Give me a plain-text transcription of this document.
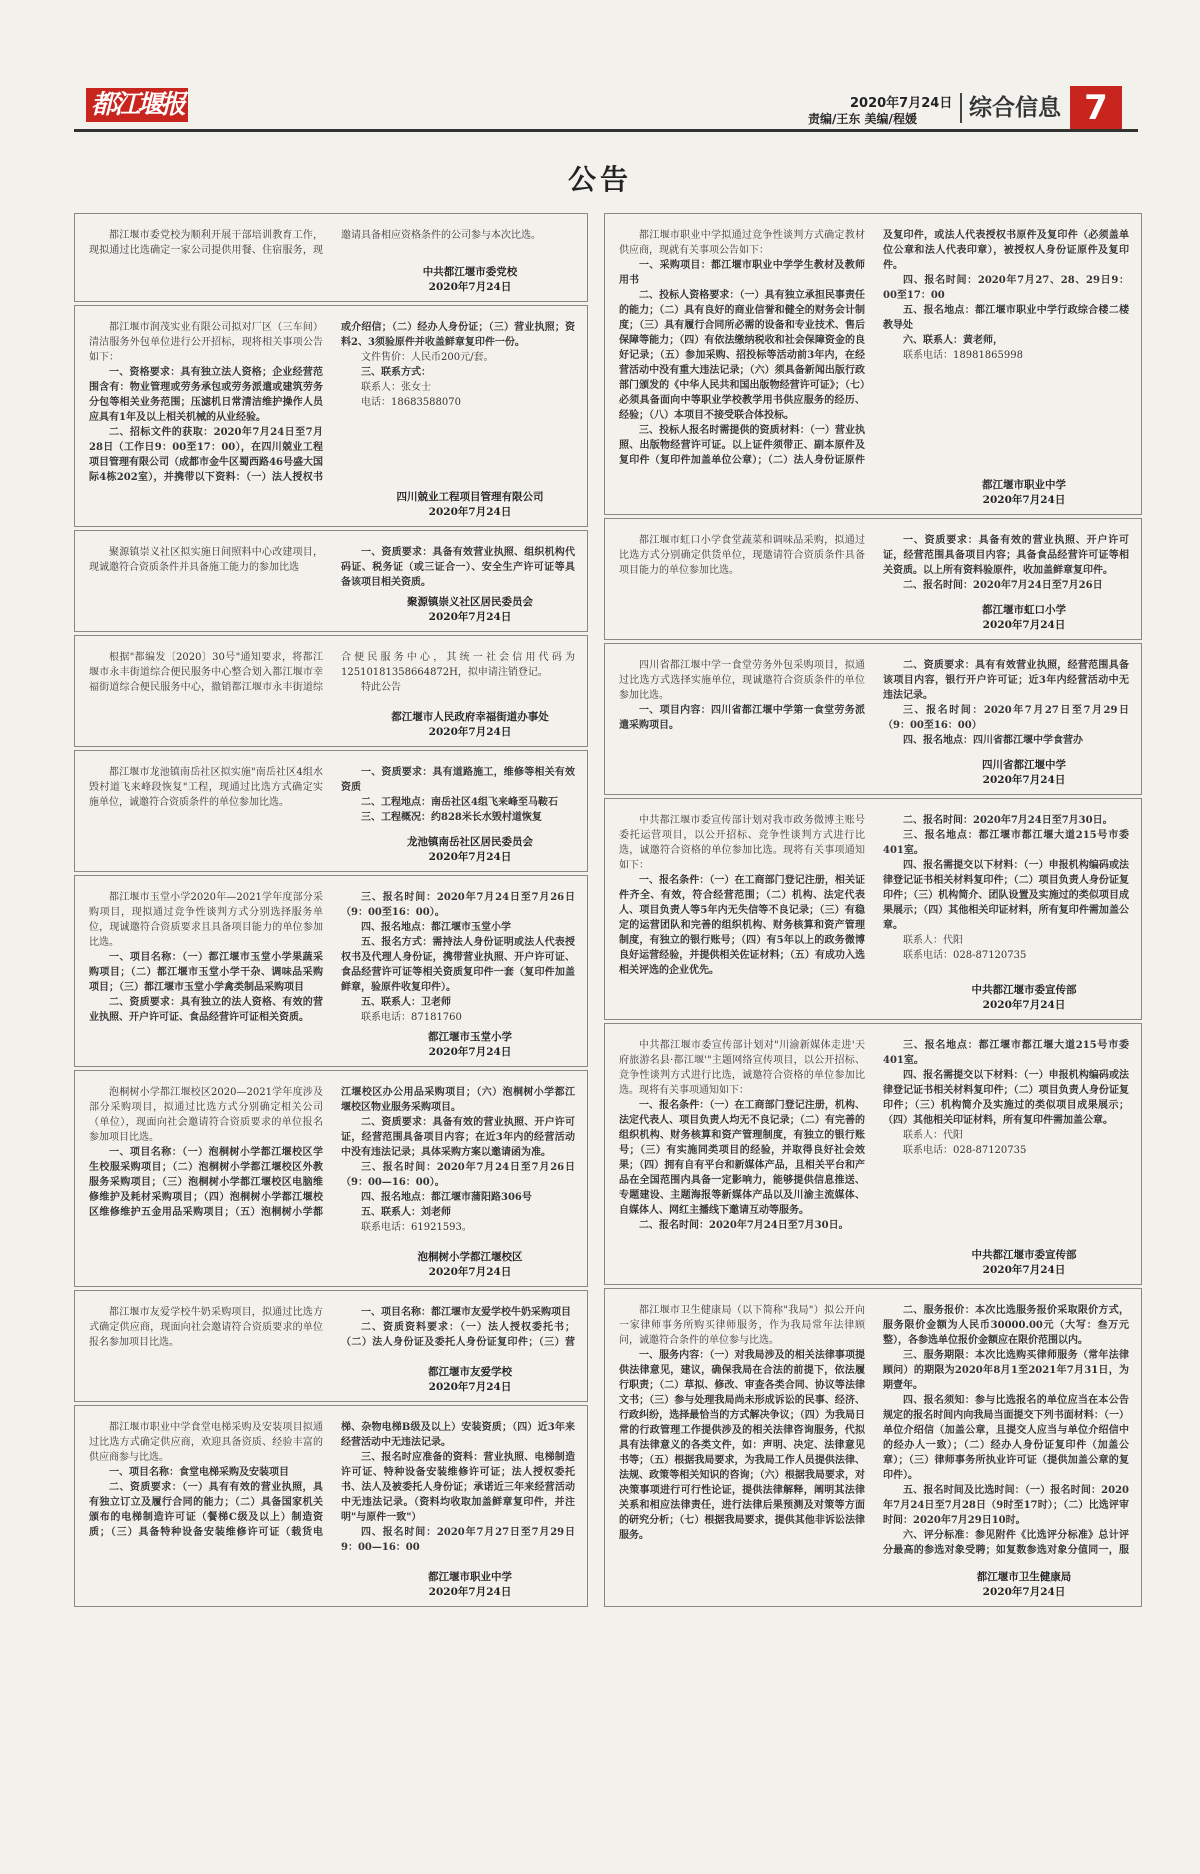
都江堰报	2020年7月24日
责编/王东 美编/程媛	综合信息 7
公告

都江堰市委党校为顺利开展干部培训教育工作，现拟通过比选确定一家公司提供用餐、住宿服务，现邀请具备相应资格条件的公司参与本次比选。

中共都江堰市委党校
2020年7月24日

都江堰市润茂实业有限公司拟对厂区（三车间）清洁服务外包单位进行公开招标，现将相关事项公告如下：

一、资格要求：具有独立法人资格；企业经营范围含有：物业管理或劳务承包或劳务派遣或建筑劳务分包等相关业务范围；压滤机日常清洁维护操作人员应具有1年及以上相关机械的从业经验。

二、招标文件的获取：2020年7月24日至7月28日（工作日9：00至17：00），在四川兢业工程项目管理有限公司（成都市金牛区蜀西路46号盛大国际4栋202室），并携带以下资料：（一）法人授权书或介绍信；（二）经办人身份证；（三）营业执照；资料2、3须验原件并收盖鲜章复印件一份。

文件售价：人民币200元/套。

三、联系方式：

联系人：张女士

电话：18683588070

四川兢业工程项目管理有限公司
2020年7月24日

聚源镇崇义社区拟实施日间照料中心改建项目，现诚邀符合资质条件并具备施工能力的参加比选

一、资质要求：具备有效营业执照、组织机构代码证、税务证（或三证合一）、安全生产许可证等具备该项目相关资质。

聚源镇崇义社区居民委员会
2020年7月24日

根据"都编发〔2020〕30号"通知要求，将都江堰市永丰街道综合便民服务中心整合划入都江堰市幸福街道综合便民服务中心，撤销都江堰市永丰街道综合便民服务中心，其统一社会信用代码为12510181358664872H，拟申请注销登记。

特此公告

都江堰市人民政府幸福街道办事处
2020年7月24日

都江堰市龙池镇南岳社区拟实施"南岳社区4组水毁村道飞来峰段恢复"工程，现通过比选方式确定实施单位，诚邀符合资质条件的单位参加比选。

一、资质要求：具有道路施工，维修等相关有效资质

二、工程地点：南岳社区4组飞来峰至马鞍石

三、工程概况：约828米长水毁村道恢复

龙池镇南岳社区居民委员会
2020年7月24日

都江堰市玉堂小学2020年—2021学年度部分采购项目，现拟通过竞争性谈判方式分别选择服务单位，现诚邀符合资质要求且具备项目能力的单位参加比选。

一、项目名称：（一）都江堰市玉堂小学果蔬采购项目；（二）都江堰市玉堂小学干杂、调味品采购项目；（三）都江堰市玉堂小学禽类制品采购项目

二、资质要求：具有独立的法人资格、有效的营业执照、开户许可证、食品经营许可证相关资质。

三、报名时间：2020年7月24日至7月26日（9：00至16：00）。

四、报名地点：都江堰市玉堂小学

五、报名方式：需持法人身份证明或法人代表授权书及代理人身份证，携带营业执照、开户许可证、食品经营许可证等相关资质复印件一套（复印件加盖鲜章，验原件收复印件）。

五、联系人：卫老师

联系电话：87181760

都江堰市玉堂小学
2020年7月24日

泡桐树小学都江堰校区2020—2021学年度涉及部分采购项目，拟通过比选方式分别确定相关公司（单位），现面向社会邀请符合资质要求的单位报名参加项目比选。

一、项目名称：（一）泡桐树小学都江堰校区学生校服采购项目；（二）泡桐树小学都江堰校区外教服务采购项目；（三）泡桐树小学都江堰校区电脑维修维护及耗材采购项目；（四）泡桐树小学都江堰校区维修维护五金用品采购项目；（五）泡桐树小学都江堰校区办公用品采购项目；（六）泡桐树小学都江堰校区物业服务采购项目。

二、资质要求：具备有效的营业执照、开户许可证，经营范围具备项目内容；在近3年内的经营活动中没有违法记录；具体采购方案以邀请函为准。

三、报名时间：2020年7月24日至7月26日（9：00—16：00）。

四、报名地点：都江堰市蒲阳路306号

五、联系人：刘老师

联系电话：61921593。

泡桐树小学都江堰校区
2020年7月24日

都江堰市友爱学校牛奶采购项目，拟通过比选方式确定供应商，现面向社会邀请符合资质要求的单位报名参加项目比选。

一、项目名称：都江堰市友爱学校牛奶采购项目

二、资质资料要求：（一）法人授权委托书；（二）法人身份证及委托人身份证复印件；（三）营

都江堰市友爱学校
2020年7月24日

都江堰市职业中学食堂电梯采购及安装项目拟通过比选方式确定供应商，欢迎具备资质、经验丰富的供应商参与比选。

一、项目名称：食堂电梯采购及安装项目

二、资质要求：（一）具有有效的营业执照，具有独立订立及履行合同的能力；（二）具备国家机关颁布的电梯制造许可证（餐梯C级及以上）制造资质；（三）具备特种设备安装维修许可证（载货电梯、杂物电梯B级及以上）安装资质；（四）近3年来经营活动中无违法记录。

三、报名时应准备的资料：营业执照、电梯制造许可证、特种设备安装维修许可证；法人授权委托书、法人及被委托人身份证；承诺近三年来经营活动中无违法记录。（资料均收取加盖鲜章复印件，并注明"与原件一致"）

四、报名时间：2020年7月27日至7月29日9：00—16：00

都江堰市职业中学
2020年7月24日

都江堰市职业中学拟通过竞争性谈判方式确定教材供应商，现就有关事项公告如下：

一、采购项目：都江堰市职业中学学生教材及教师用书

二、投标人资格要求：（一）具有独立承担民事责任的能力；（二）具有良好的商业信誉和健全的财务会计制度；（三）具有履行合同所必需的设备和专业技术、售后保障等能力；（四）有依法缴纳税收和社会保障资金的良好记录；（五）参加采购、招投标等活动前3年内，在经营活动中没有重大违法记录；（六）须具备新闻出版行政部门颁发的《中华人民共和国出版物经营许可证》；（七）必须具备面向中等职业学校教学用书供应服务的经历、经验；（八）本项目不接受联合体投标。

三、投标人报名时需提供的资质材料：（一）营业执照、出版物经营许可证。以上证件须带正、副本原件及复印件（复印件加盖单位公章）；（二）法人身份证原件及复印件，或法人代表授权书原件及复印件（必须盖单位公章和法人代表印章），被授权人身份证原件及复印件。

四、报名时间：2020年7月27、28、29日9：00至17：00

五、报名地点：都江堰市职业中学行政综合楼二楼教导处

六、联系人：黄老师，

联系电话：18981865998

都江堰市职业中学
2020年7月24日

都江堰市虹口小学食堂蔬菜和调味品采购，拟通过比选方式分别确定供货单位，现邀请符合资质条件具备项目能力的单位参加比选。

一、资质要求：具备有效的营业执照、开户许可证，经营范围具备项目内容；具备食品经营许可证等相关资质。以上所有资料验原件，收加盖鲜章复印件。

二、报名时间：2020年7月24日至7月26日

都江堰市虹口小学
2020年7月24日

四川省都江堰中学一食堂劳务外包采购项目，拟通过比选方式选择实施单位，现诚邀符合资质条件的单位参加比选。

一、项目内容：四川省都江堰中学第一食堂劳务派遣采购项目。

二、资质要求：具有有效营业执照，经营范围具备该项目内容，银行开户许可证；近3年内经营活动中无违法记录。

三、报名时间：2020年7月27日至7月29日（9：00至16：00）

四、报名地点：四川省都江堰中学食营办

四川省都江堰中学
2020年7月24日

中共都江堰市委宣传部计划对我市政务微博主账号委托运营项目，以公开招标、竞争性谈判方式进行比选，诚邀符合资格的单位参加比选。现将有关事项通知如下：

一、报名条件：（一）在工商部门登记注册，相关证件齐全、有效，符合经营范围；（二）机构、法定代表人、项目负责人等5年内无失信等不良记录；（三）有稳定的运营团队和完善的组织机构、财务核算和资产管理制度，有独立的银行账号；（四）有5年以上的政务微博良好运营经验，并提供相关佐证材料；（五）有成功入选相关评选的企业优先。

二、报名时间：2020年7月24日至7月30日。

三、报名地点：都江堰市都江堰大道215号市委401室。

四、报名需提交以下材料：（一）申报机构编码或法律登记证书相关材料复印件；（二）项目负责人身份证复印件；（三）机构简介、团队设置及实施过的类似项目成果展示；（四）其他相关印证材料，所有复印件需加盖公章。

联系人：代阳

联系电话：028-87120735

中共都江堰市委宣传部
2020年7月24日

中共都江堰市委宣传部计划对"川渝新媒体走进'天府旅游名县·都江堰'"主题网络宣传项目，以公开招标、竞争性谈判方式进行比选，诚邀符合资格的单位参加比选。现将有关事项通知如下：

一、报名条件：（一）在工商部门登记注册，机构、法定代表人、项目负责人均无不良记录；（二）有完善的组织机构、财务核算和资产管理制度，有独立的银行账号；（三）有实施同类项目的经验，并取得良好社会效果；（四）拥有自有平台和新媒体产品，且相关平台和产品在全国范围内具备一定影响力，能够提供信息推送、专题建设、主题海报等新媒体产品以及川渝主流媒体、自媒体人、网红主播线下邀请互动等服务。

二、报名时间：2020年7月24日至7月30日。

三、报名地点：都江堰市都江堰大道215号市委401室。

四、报名需提交以下材料：（一）申报机构编码或法律登记证书相关材料复印件；（二）项目负责人身份证复印件；（三）机构简介及实施过的类似项目成果展示；（四）其他相关印证材料，所有复印件需加盖公章。

联系人：代阳

联系电话：028-87120735

中共都江堰市委宣传部
2020年7月24日

都江堰市卫生健康局（以下简称"我局"）拟公开向一家律师事务所购买律师服务，作为我局常年法律顾问，诚邀符合条件的单位参与比选。

一、服务内容：（一）对我局涉及的相关法律事项提供法律意见，建议，确保我局在合法的前提下，依法履行职责；（二）草拟、修改、审查各类合同、协议等法律文书；（三）参与处理我局尚未形成诉讼的民事、经济、行政纠纷，选择最恰当的方式解决争议；（四）为我局日常的行政管理工作提供涉及的相关法律咨询服务，代拟具有法律意义的各类文件，如：声明、决定、法律意见书等；（五）根据我局要求，为我局工作人员提供法律、法规、政策等相关知识的咨询；（六）根据我局要求，对决策事项进行可行性论证，提供法律解释，阐明其法律关系和相应法律责任，进行法律后果预测及对策等方面的研究分析；（七）根据我局要求，提供其他非诉讼法律服务。

二、服务报价：本次比选服务报价采取限价方式，服务限价金额为人民币30000.00元（大写：叁万元整），各参选单位报价金额应在限价范围以内。

三、服务期限：本次比选购买律师服务（常年法律顾问）的期限为2020年8月1至2021年7月31日，为期壹年。

四、报名须知：参与比选报名的单位应当在本公告规定的报名时间内向我局当面提交下列书面材料：（一）单位介绍信（加盖公章，且提交人应当与单位介绍信中的经办人一致）；（二）经办人身份证复印件（加盖公章）；（三）律师事务所执业许可证（提供加盖公章的复印件）。

五、报名时间及比选时间：（一）报名时间：2020年7月24日至7月28日（9时至17时）；（二）比选评审时间：2020年7月29日10时。

六、评分标准：参见附件《比选评分标准》总计评分最高的参选对象受聘；如复数参选对象分值同一，服

都江堰市卫生健康局
2020年7月24日
